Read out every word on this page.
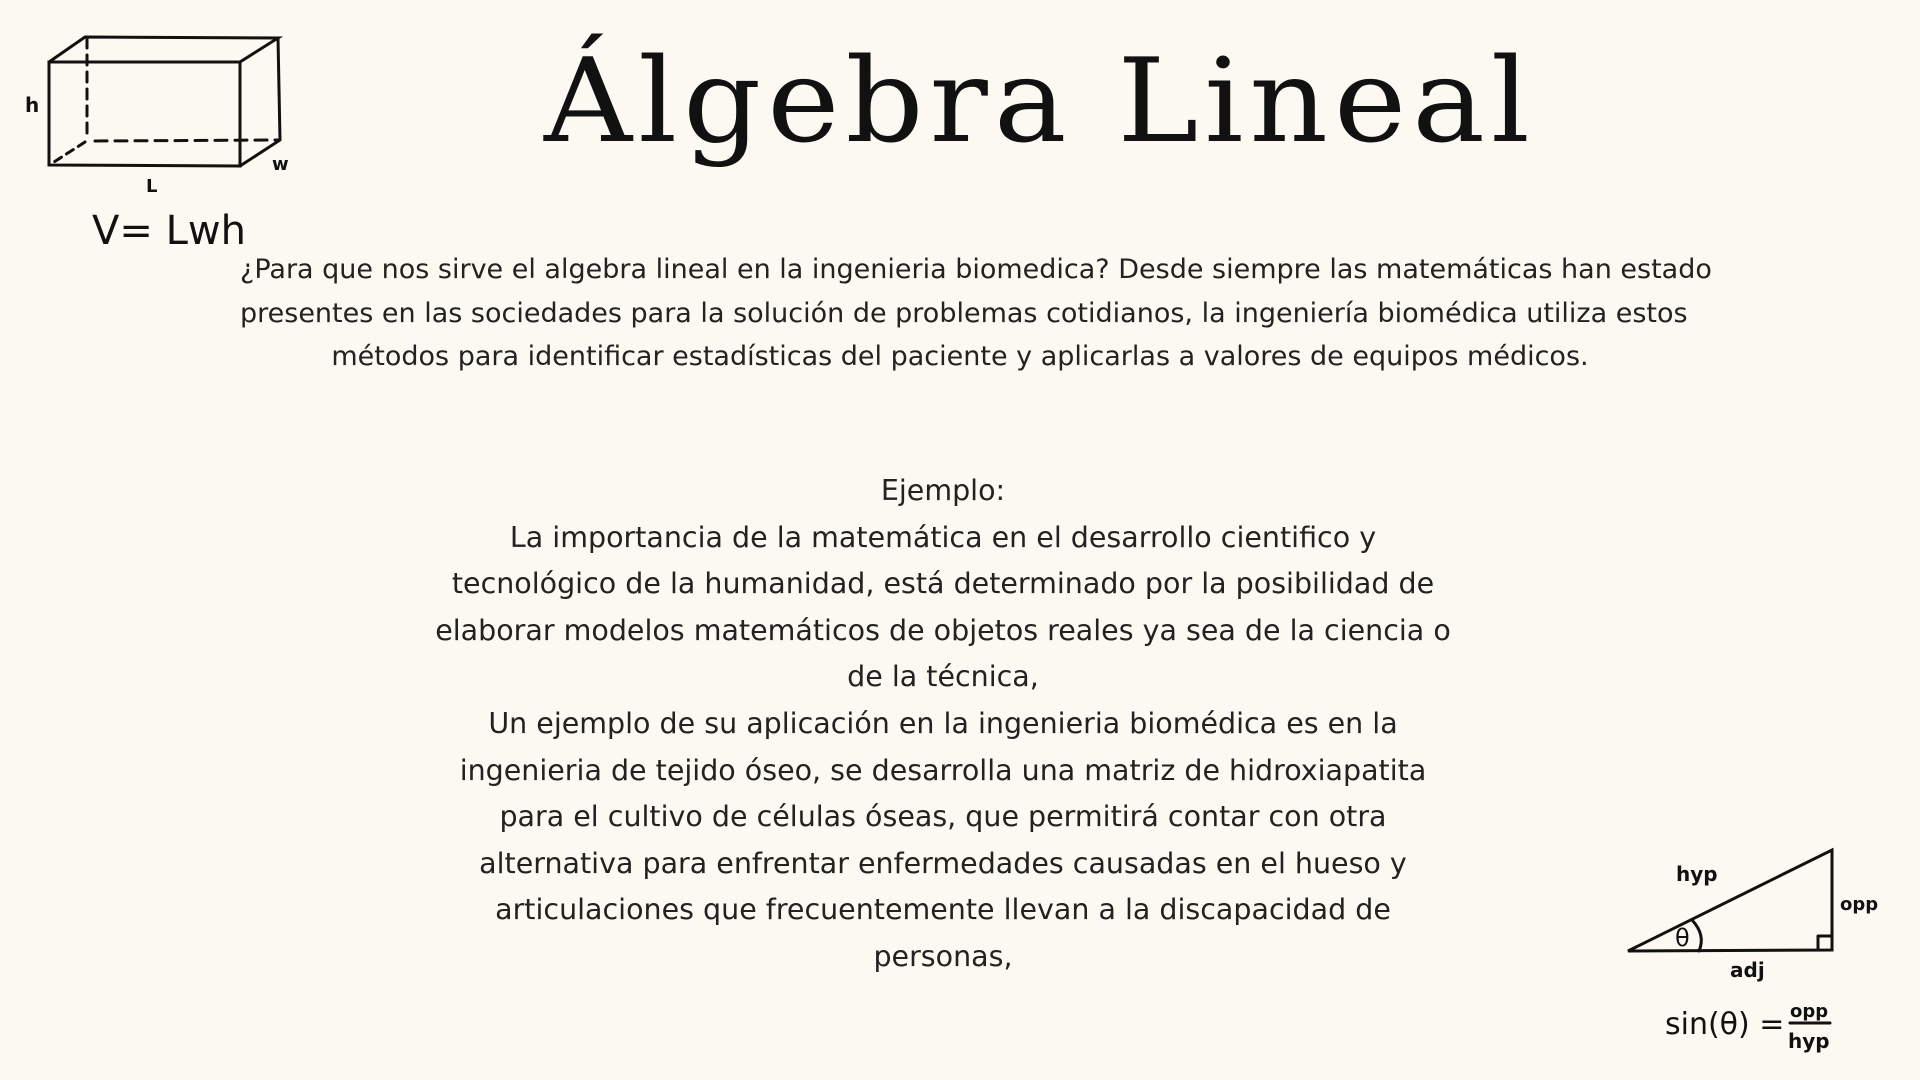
Álgebra Lineal
¿Para que nos sirve el algebra lineal en la ingenieria biomedica? Desde siempre las matemáticas han estado
presentes en las sociedades para la solución de problemas cotidianos, la ingeniería biomédica utiliza estos
métodos para identificar estadísticas del paciente y aplicarlas a valores de equipos médicos.
Ejemplo:
La importancia de la matemática en el desarrollo cientifico y
tecnológico de la humanidad, está determinado por la posibilidad de
elaborar modelos matemáticos de objetos reales ya sea de la ciencia o
de la técnica,
Un ejemplo de su aplicación en la ingenieria biomédica es en la
ingenieria de tejido óseo, se desarrolla una matriz de hidroxiapatita
para el cultivo de células óseas, que permitirá contar con otra
alternativa para enfrentar enfermedades causadas en el hueso y
articulaciones que frecuentemente llevan a la discapacidad de
personas,
h
L
w
V= Lwh
hyp
opp
adj
θ
sin(θ) = opp
hyp
